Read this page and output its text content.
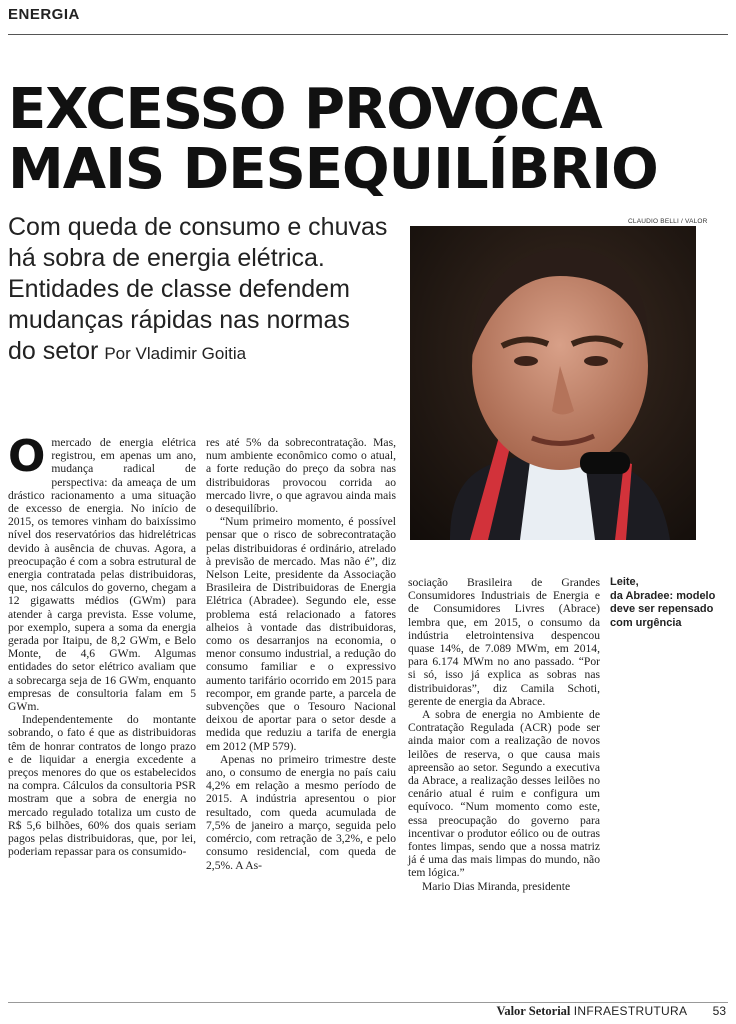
ENERGIA
EXCESSO PROVOCA
MAIS DESEQUILÍBRIO
Com queda de consumo e chuvas
há sobra de energia elétrica.
Entidades de classe defendem
mudanças rápidas nas normas
do setor Por Vladimir Goitia
CLAUDIO BELLI / VALOR
Leite,
da Abradee: modelo deve ser repensado com urgência

Omercado de energia elétrica registrou, em apenas um ano, mudança radical de perspectiva: da ameaça de um drástico racionamento a uma situação de excesso de energia. No início de 2015, os temores vinham do baixíssimo nível dos reservatórios das hidrelétricas devido à ausência de chuvas. Agora, a preocupação é com a sobra estrutural de energia contratada pelas distribuidoras, que, nos cálculos do governo, chegam a 12 gigawatts médios (GWm) para atender à carga prevista. Esse volume, por exemplo, supera a soma da energia gerada por Itaipu, de 8,2 GWm, e Belo Monte, de 4,6 GWm. Algumas entidades do setor elétrico avaliam que a sobrecarga seja de 16 GWm, enquanto empresas de consultoria falam em 5 GWm.

Independentemente do montante sobrando, o fato é que as distribuidoras têm de honrar contratos de longo prazo e de liquidar a energia excedente a preços menores do que os estabelecidos na compra. Cálculos da consultoria PSR mostram que a sobra de energia no mercado regulado totaliza um custo de R$ 5,6 bilhões, 60% dos quais seriam pagos pelas distribuidoras, que, por lei, poderiam repassar para os consumido-

res até 5% da sobrecontratação. Mas, num ambiente econômico como o atual, a forte redução do preço da sobra nas distribuidoras provocou corrida ao mercado livre, o que agravou ainda mais o desequilíbrio.

“Num primeiro momento, é possível pensar que o risco de sobrecontratação pelas distribuidoras é ordinário, atrelado à previsão de mercado. Mas não é”, diz Nelson Leite, presidente da Associação Brasileira de Distribuidoras de Energia Elétrica (Abradee). Segundo ele, esse problema está relacionado a fatores alheios à vontade das distribuidoras, como os desarranjos na economia, o menor consumo industrial, a redução do consumo familiar e o expressivo aumento tarifário ocorrido em 2015 para recompor, em grande parte, a parcela de subvenções que o Tesouro Nacional deixou de aportar para o setor desde a medida que reduziu a tarifa de energia em 2012 (MP 579).

Apenas no primeiro trimestre deste ano, o consumo de energia no país caiu 4,2% em relação a mesmo período de 2015. A indústria apresentou o pior resultado, com queda acumulada de 7,5% de janeiro a março, seguida pelo comércio, com retração de 3,2%, e pelo consumo residencial, com queda de 2,5%. A As-

sociação Brasileira de Grandes Consumidores Industriais de Energia e de Consumidores Livres (Abrace) lembra que, em 2015, o consumo da indústria eletrointensiva despencou quase 14%, de 7.089 MWm, em 2014, para 6.174 MWm no ano passado. “Por si só, isso já explica as sobras nas distribuidoras”, diz Camila Schoti, gerente de energia da Abrace.

A sobra de energia no Ambiente de Contratação Regulada (ACR) pode ser ainda maior com a realização de novos leilões de reserva, o que causa mais apreensão ao setor. Segundo a executiva da Abrace, a realização desses leilões no cenário atual é ruim e configura um equívoco. “Num momento como este, essa preocupação do governo para incentivar o produtor eólico ou de outras fontes limpas, sendo que a nossa matriz já é uma das mais limpas do mundo, não tem lógica.”

Mario Dias Miranda, presidente

Valor Setorial INFRAESTRUTURA 53
